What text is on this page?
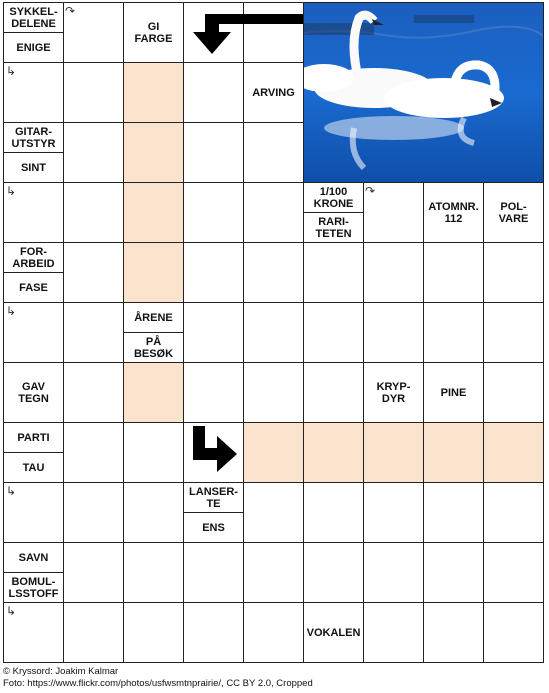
SYKKEL-
DELENE
ENIGE
GI
FARGE
ARVING
GITAR-
UTSTYR
SINT
1/100
KRONE
RARI-
TETEN
ATOMNR.
112
POL-
VARE
FOR-
ARBEID
FASE
ÅRENE
PÅ
BESØK
GAV
TEGN
KRYP-
DYR	PINE
PARTI
TAU
LANSER-
TE
ENS
SAVN
BOMUL-
LSSTOFF
VOKALEN
↳
↳
↳
↳
↳
↷
↷
© Kryssord: Joakim Kalmar
Foto: https://www.flickr.com/photos/usfwsmtnprairie/, CC BY 2.0, Cropped
